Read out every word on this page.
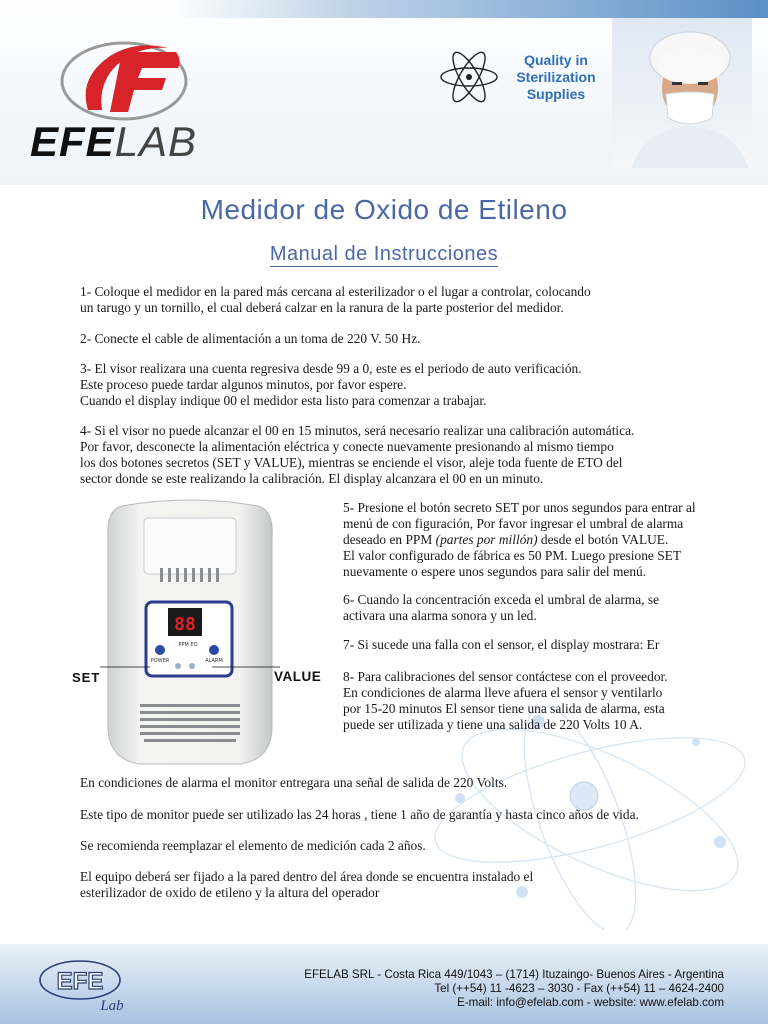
EFELAB
Quality in
Sterilization
Supplies
Medidor de Oxido de Etileno
Manual de Instrucciones
1- Coloque el medidor en la pared más cercana al esterilizador o el lugar a controlar, colocando
un tarugo y un tornillo, el cual deberá calzar en la ranura de la parte posterior del medidor.
2- Conecte el cable de alimentación a un toma de 220 V. 50 Hz.
3- El visor realizara una cuenta regresiva desde 99 a 0, este es el periodo de auto verificación.
Este proceso puede tardar algunos minutos, por favor espere.
Cuando el display indique 00 el medidor esta listo para comenzar a trabajar.
4- Si el visor no puede alcanzar el 00 en 15 minutos, será necesario realizar una calibración automática.
Por favor, desconecte la alimentación eléctrica y conecte nuevamente presionando al mismo tiempo
los dos botones secretos (SET y VALUE), mientras se enciende el visor, aleje toda fuente de ETO del
sector donde se este realizando la calibración. El display alcanzara el 00 en un minuto.
5- Presione el botón secreto SET por unos segundos para entrar al
menú de con figuración, Por favor ingresar el umbral de alarma
deseado en PPM (partes por millón) desde el botón VALUE.
El valor configurado de fábrica es 50 PM. Luego presione SET
nuevamente o espere unos segundos para salir del menú.
6- Cuando la concentración exceda el umbral de alarma, se
activara una alarma sonora y un led.
7- Si sucede una falla con el sensor, el display mostrara: Er
8- Para calibraciones del sensor contáctese con el proveedor.
En condiciones de alarma lleve afuera el sensor y ventilarlo
por 15-20 minutos El sensor tiene una salida de alarma, esta
puede ser utilizada y tiene una salida de 220 Volts 10 A.
88
PPM EO
POWER	ALARM
SET	VALUE
En condiciones de alarma el monitor entregara una señal de salida de 220 Volts.
Este tipo de monitor puede ser utilizado las 24 horas , tiene 1 año de garantía y hasta cinco años de vida.
Se recomienda reemplazar el elemento de medición cada 2 años.
El equipo deberá ser fijado a la pared dentro del área donde se encuentra instalado el
esterilizador de oxido de etileno y la altura del operador
EFE
Lab
EFELAB SRL - Costa Rica 449/1043 – (1714) Ituzaingo- Buenos Aires - Argentina
Tel (++54) 11 -4623 – 3030 - Fax (++54) 11 – 4624-2400
E-mail: info@efelab.com - website: www.efelab.com
